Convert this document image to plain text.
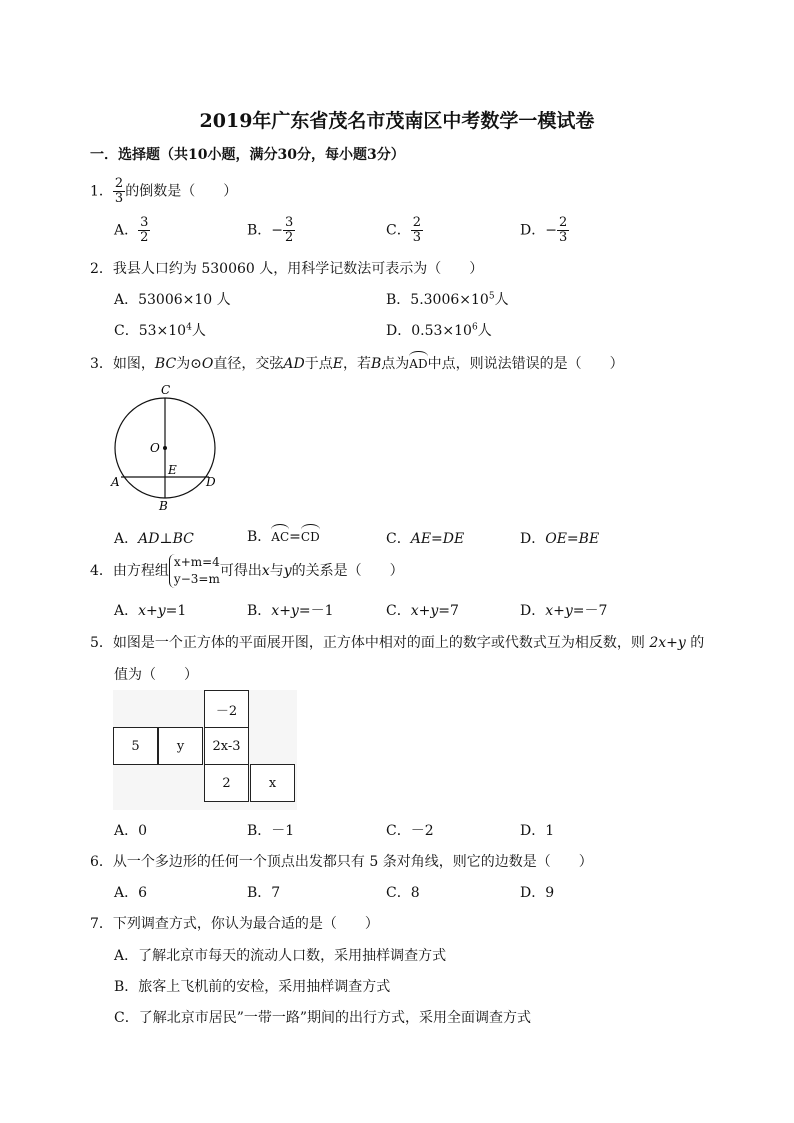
2019年广东省茂名市茂南区中考数学一模试卷
一．选择题（共10小题，满分30分，每小题3分）
1． $\frac{2}{3}$ 的倒数是（　　）
A． $\frac{3}{2}$	B．− $\frac{3}{2}$	C． $\frac{2}{3}$	D．− $\frac{2}{3}$
2．我县人口约为 530060 人，用科学记数法可表示为（　　）
A．53006×10 人	B．$5.3006\times 10^5$人
C．$53\times 10^4$人	D．$0.53\times 10^6$人
3．如图，BC为⊙O直径，交弦AD于点E，若B点为AD中点，则说法错误的是（　　）
C
O
E
A	D
B
A．AD⊥BC	B．AC=CD	C．AE=DE	D．OE=BE
4．由方程组
x+m=4
y−3=m 可得出x与y的关系是（　　）
A．x+y=1	B．x+y=－1	C．x+y=7	D．x+y=－7
5．如图是一个正方体的平面展开图，正方体中相对的面上的数字或代数式互为相反数，则 2x+y 的
值为（　　）
－2
5	y	2x-3
2	x
A．0	B．－1	C．－2	D．1
6．从一个多边形的任何一个顶点出发都只有 5 条对角线，则它的边数是（　　）
A．6	B．7	C．8	D．9
7．下列调查方式，你认为最合适的是（　　）
A．了解北京市每天的流动人口数，采用抽样调查方式
B．旅客上飞机前的安检，采用抽样调查方式
C．了解北京市居民”一带一路”期间的出行方式，采用全面调查方式
